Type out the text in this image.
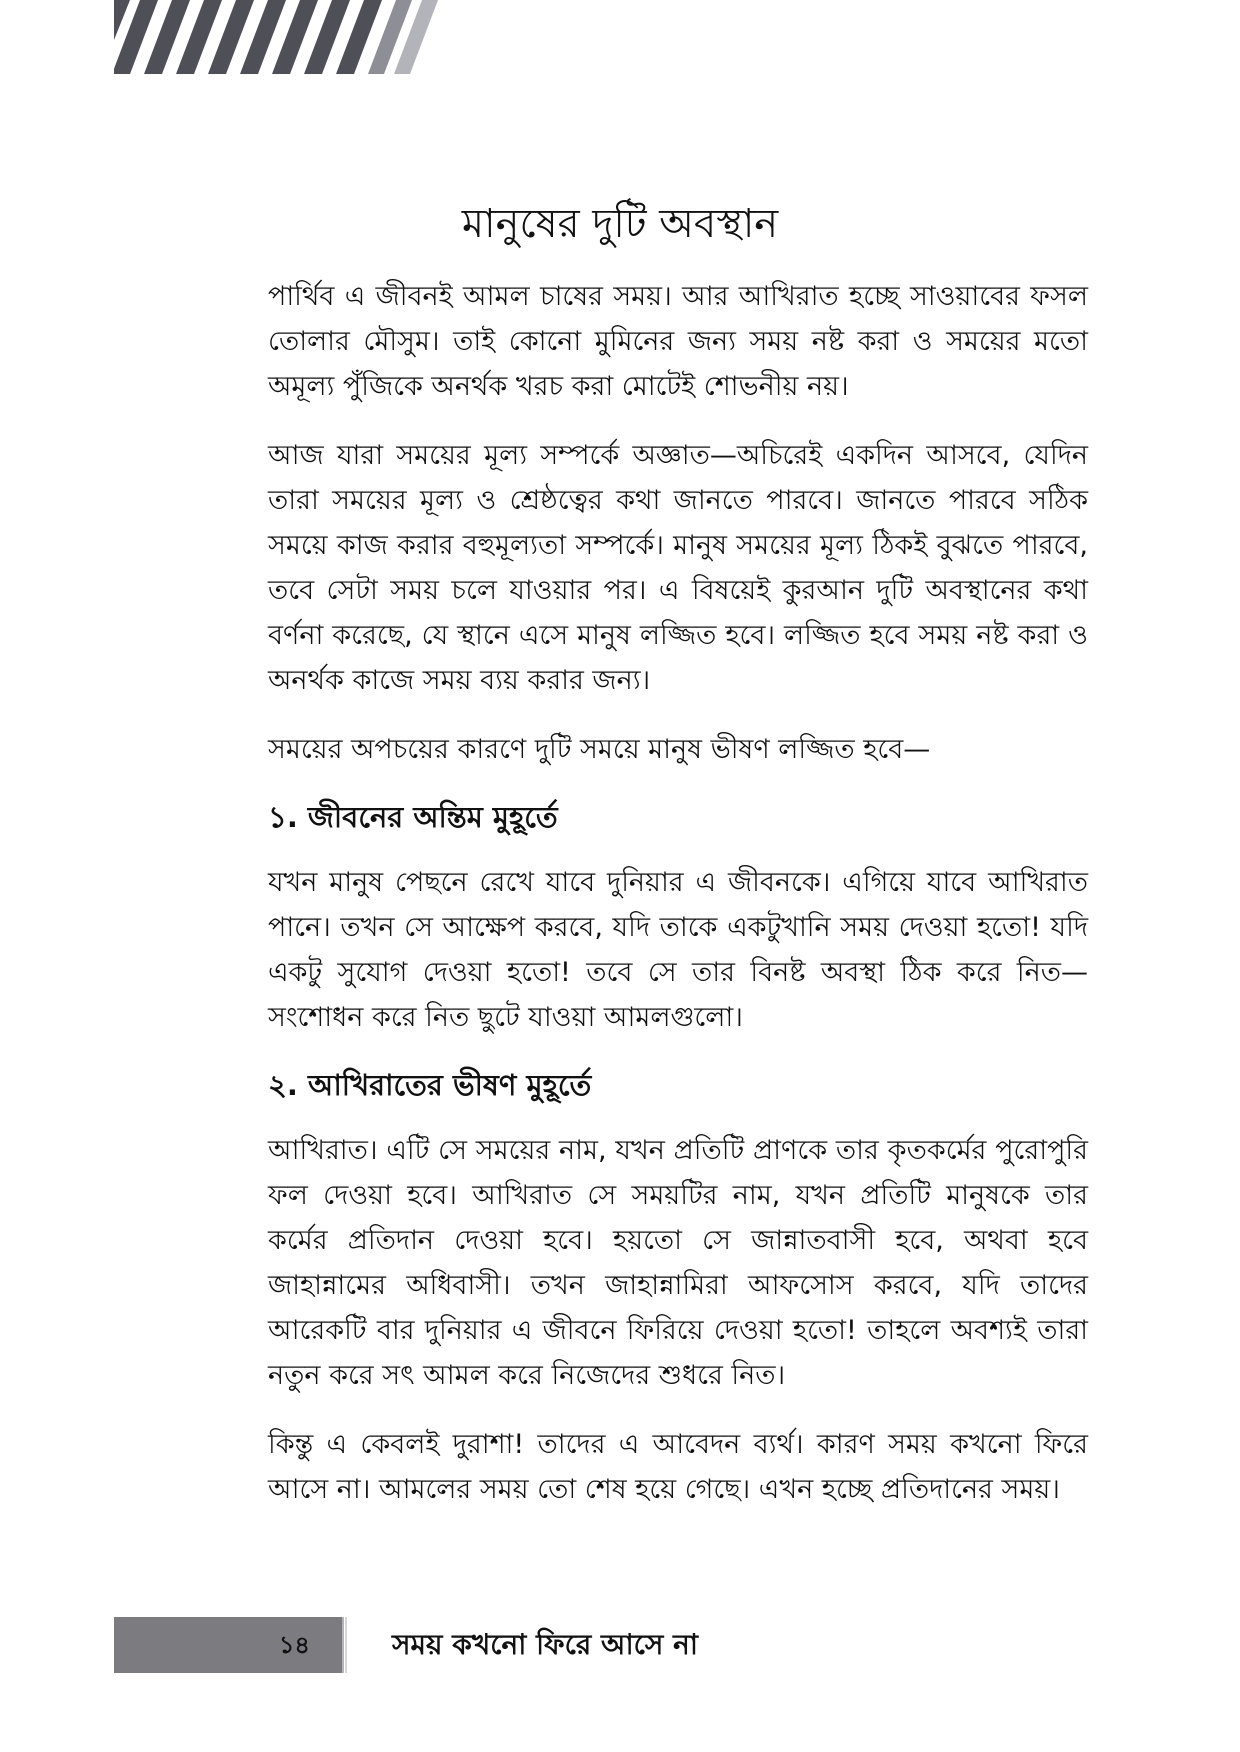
মানুষের দুটি অবস্থান

পার্থিব এ জীবনই আমল চাষের সময়। আর আখিরাত হচ্ছে সাওয়াবের ফসল তোলার মৌসুম। তাই কোনো মুমিনের জন্য সময় নষ্ট করা ও সময়ের মতো অমূল্য পুঁজিকে অনর্থক খরচ করা মোটেই শোভনীয় নয়।

আজ যারা সময়ের মূল্য সম্পর্কে অজ্ঞাত—অচিরেই একদিন আসবে, যেদিন তারা সময়ের মূল্য ও শ্রেষ্ঠত্বের কথা জানতে পারবে। জানতে পারবে সঠিক সময়ে কাজ করার বহুমূল্যতা সম্পর্কে। মানুষ সময়ের মূল্য ঠিকই বুঝতে পারবে, তবে সেটা সময় চলে যাওয়ার পর। এ বিষয়েই কুরআন দুটি অবস্থানের কথা বর্ণনা করেছে, যে স্থানে এসে মানুষ লজ্জিত হবে। লজ্জিত হবে সময় নষ্ট করা ও অনর্থক কাজে সময় ব্যয় করার জন্য।

সময়ের অপচয়ের কারণে দুটি সময়ে মানুষ ভীষণ লজ্জিত হবে—

১. জীবনের অন্তিম মুহূর্তে

যখন মানুষ পেছনে রেখে যাবে দুনিয়ার এ জীবনকে। এগিয়ে যাবে আখিরাত পানে। তখন সে আক্ষেপ করবে, যদি তাকে একটুখানি সময় দেওয়া হতো! যদি একটু সুযোগ দেওয়া হতো! তবে সে তার বিনষ্ট অবস্থা ঠিক করে নিত—সংশোধন করে নিত ছুটে যাওয়া আমলগুলো।

২. আখিরাতের ভীষণ মুহূর্তে

আখিরাত। এটি সে সময়ের নাম, যখন প্রতিটি প্রাণকে তার কৃতকর্মের পুরোপুরি ফল দেওয়া হবে। আখিরাত সে সময়টির নাম, যখন প্রতিটি মানুষকে তার কর্মের প্রতিদান দেওয়া হবে। হয়তো সে জান্নাতবাসী হবে, অথবা হবে জাহান্নামের অধিবাসী। তখন জাহান্নামিরা আফসোস করবে, যদি তাদের আরেকটি বার দুনিয়ার এ জীবনে ফিরিয়ে দেওয়া হতো! তাহলে অবশ্যই তারা নতুন করে সৎ আমল করে নিজেদের শুধরে নিত।

কিন্তু এ কেবলই দুরাশা! তাদের এ আবেদন ব্যর্থ। কারণ সময় কখনো ফিরে আসে না। আমলের সময় তো শেষ হয়ে গেছে। এখন হচ্ছে প্রতিদানের সময়।

১৪	সময় কখনো ফিরে আসে না
